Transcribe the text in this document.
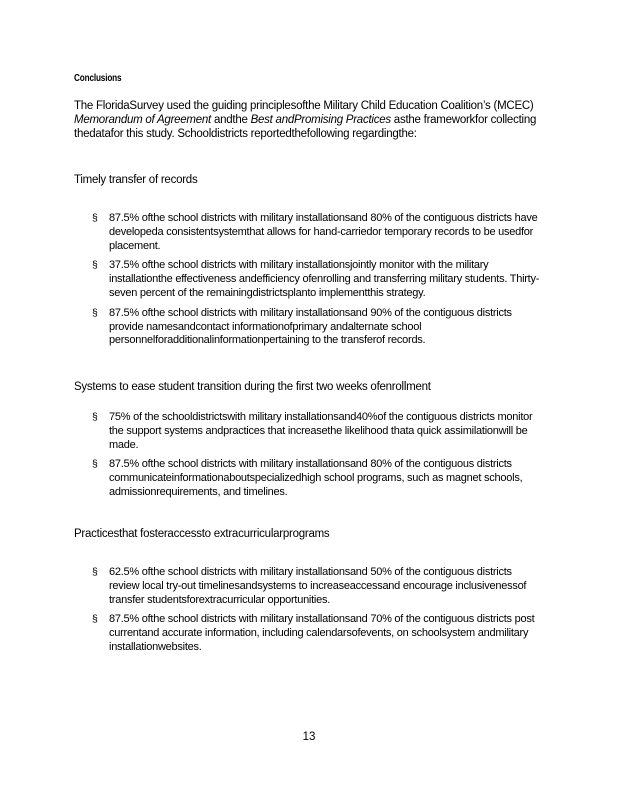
Conclusions

The FloridaSurvey used the guiding principlesofthe Military Child Education Coalition’s (MCEC) Memorandum of Agreement andthe Best andPromising Practices asthe frameworkfor collecting thedatafor this study. Schooldistricts reportedthefollowing regardingthe:

Timely transfer of records
§ 87.5% ofthe school districts with military installationsand 80% of the contiguous districts have developeda consistentsystemthat allows for hand-carriedor temporary records to be usedfor placement.
§ 37.5% ofthe school districts with military installationsjointly monitor with the military installationthe effectiveness andefficiency ofenrolling and transferring military students. Thirty-seven percent of the remainingdistrictsplanto implementthis strategy.
§ 87.5% ofthe school districts with military installationsand 90% of the contiguous districts provide namesandcontact informationofprimary andalternate school personnelforadditionalinformationpertaining to the transferof records.
Systems to ease student transition during the first two weeks ofenrollment
§ 75% of the schooldistrictswith military installationsand40%of the contiguous districts monitor the support systems andpractices that increasethe likelihood thata quick assimilationwill be made.
§ 87.5% ofthe school districts with military installationsand 80% of the contiguous districts communicateinformationaboutspecializedhigh school programs, such as magnet schools, admissionrequirements, and timelines.
Practicesthat fosteraccessto extracurricularprograms
§ 62.5% ofthe school districts with military installationsand 50% of the contiguous districts review local try-out timelinesandsystems to increaseaccessand encourage inclusivenessof transfer studentsforextracurricular opportunities.
§ 87.5% ofthe school districts with military installationsand 70% of the contiguous districts post currentand accurate information, including calendarsofevents, on schoolsystem andmilitary installationwebsites.
13
